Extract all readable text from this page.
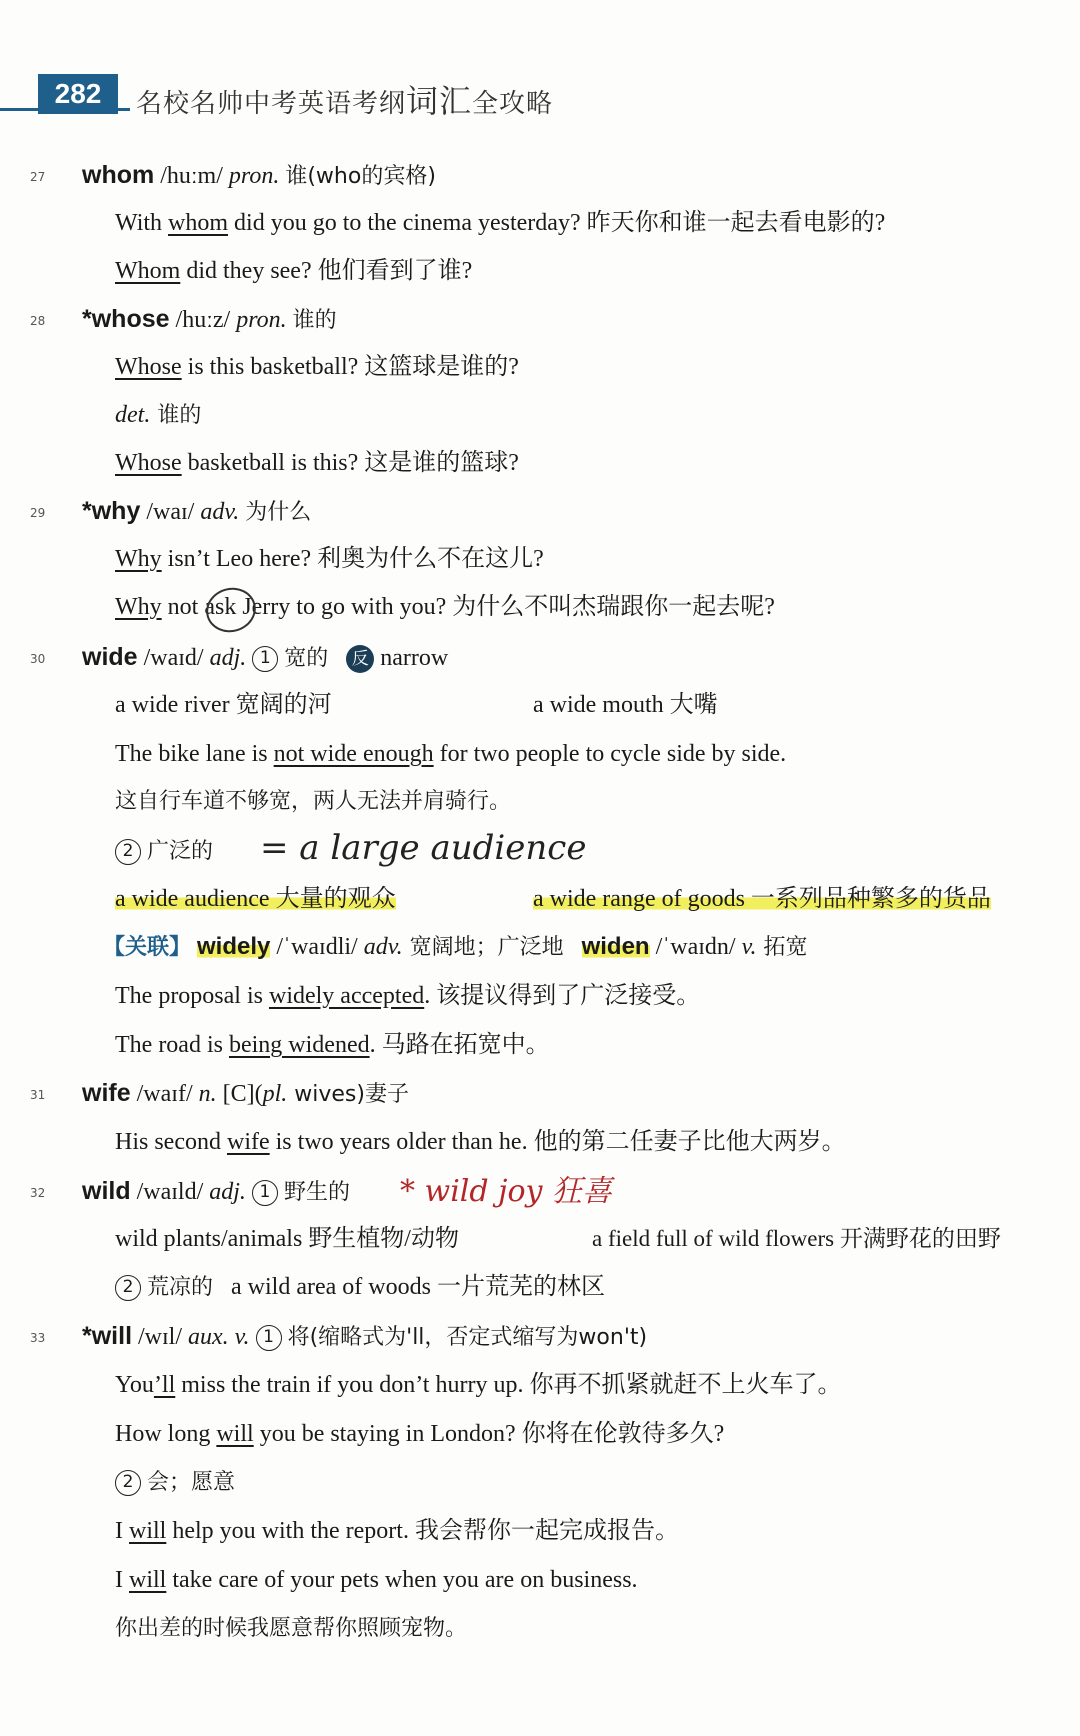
282	名校名帅中考英语考纲词汇全攻略
27 whom /huːm/ pron. 谁(who的宾格)
With whom did you go to the cinema yesterday? 昨天你和谁一起去看电影的?
Whom did they see? 他们看到了谁?
28 *whose /huːz/ pron. 谁的
Whose is this basketball? 这篮球是谁的?
det. 谁的
Whose basketball is this? 这是谁的篮球?
29 *why /waɪ/ adv. 为什么
Why isn’t Leo here? 利奥为什么不在这儿?
Why not ask Jerry to go with you? 为什么不叫杰瑞跟你一起去呢?
30 wide /waɪd/ adj. 1 宽的 反 narrow
a wide river 宽阔的河	a wide mouth 大嘴
The bike lane is not wide enough for two people to cycle side by side.
这自行车道不够宽，两人无法并肩骑行。
2 广泛的 = a large audience
a wide audience 大量的观众	a wide range of goods 一系列品种繁多的货品
【关联】 widely /ˈwaɪdli/ adv. 宽阔地；广泛地 widen /ˈwaɪdn/ v. 拓宽
The proposal is widely accepted. 该提议得到了广泛接受。
The road is being widened. 马路在拓宽中。
31 wife /waɪf/ n. [C](pl. wives)妻子
His second wife is two years older than he. 他的第二任妻子比他大两岁。
32 wild /waɪld/ adj. 1 野生的 * wild joy 狂喜
wild plants/animals 野生植物/动物	a field full of wild flowers 开满野花的田野
2 荒凉的 a wild area of woods 一片荒芜的林区
33 *will /wɪl/ aux. v. 1 将(缩略式为'll，否定式缩写为won't)
You’ll miss the train if you don’t hurry up. 你再不抓紧就赶不上火车了。
How long will you be staying in London? 你将在伦敦待多久?
2 会；愿意
I will help you with the report. 我会帮你一起完成报告。
I will take care of your pets when you are on business.
你出差的时候我愿意帮你照顾宠物。
